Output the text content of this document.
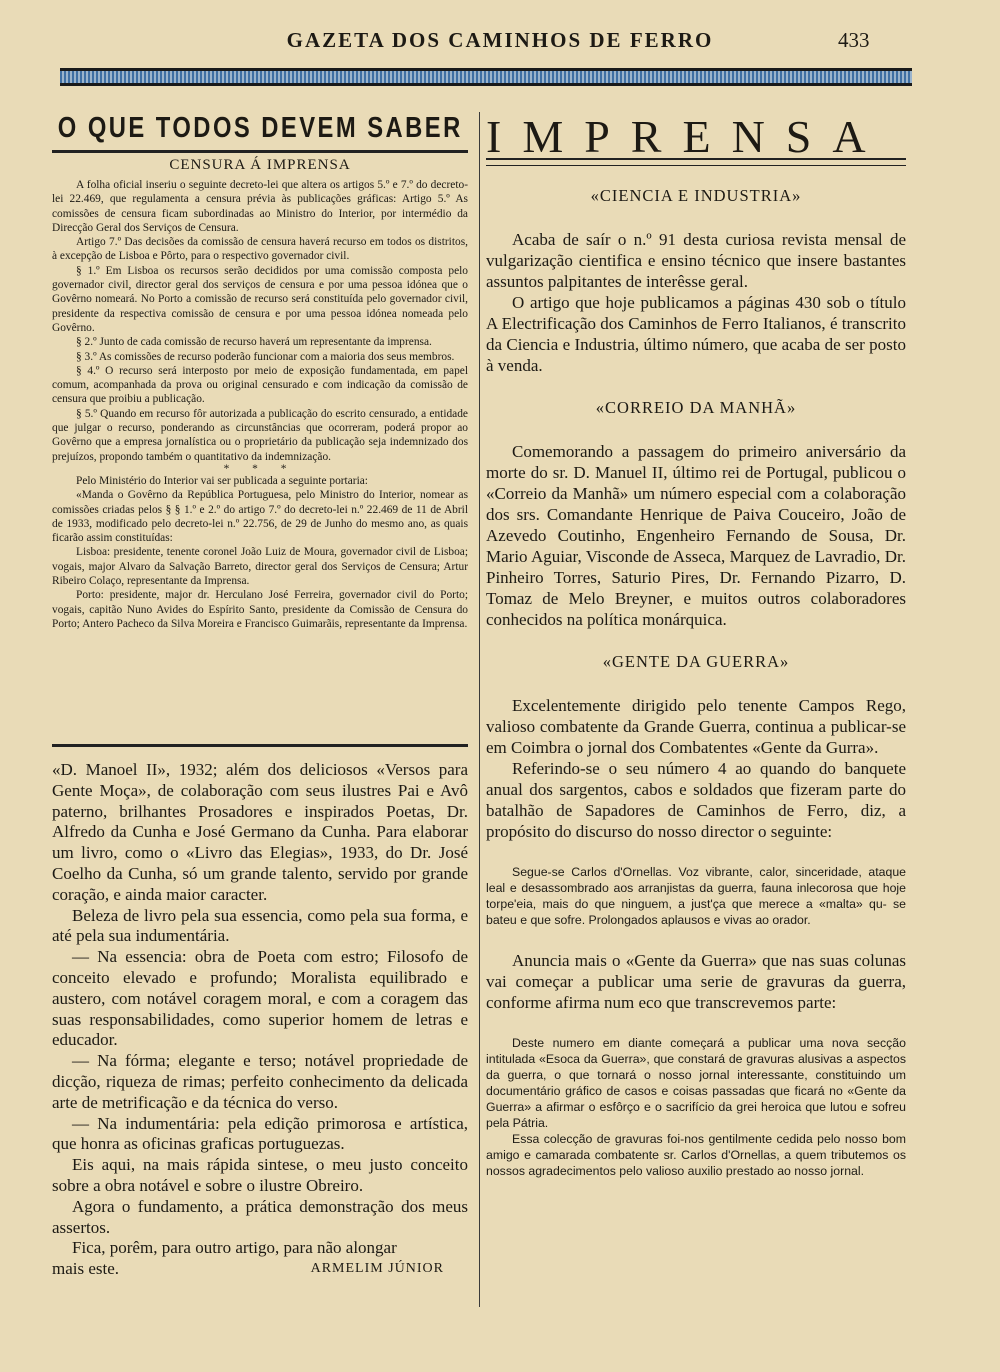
GAZETA DOS CAMINHOS DE FERRO	433
O QUE TODOS DEVEM SABER
CENSURA Á IMPRENSA

A folha oficial inseriu o seguinte decreto-lei que altera os artigos 5.º e 7.º do decreto-lei 22.469, que regulamenta a censura prévia às publicações gráficas: Artigo 5.º As comissões de censura ficam subordinadas ao Ministro do Interior, por intermédio da Direcção Geral dos Serviços de Censura.

Artigo 7.º Das decisões da comissão de censura haverá recurso em todos os distritos, à excepção de Lisboa e Pôrto, para o respectivo governador civil.

§ 1.º Em Lisboa os recursos serão decididos por uma comissão composta pelo governador civil, director geral dos serviços de censura e por uma pessoa idónea que o Govêrno nomeará. No Porto a comissão de recurso será constituída pelo governador civil, presidente da respectiva comissão de censura e por uma pessoa idónea nomeada pelo Govêrno.

§ 2.º Junto de cada comissão de recurso haverá um representante da imprensa.

§ 3.º As comissões de recurso poderão funcionar com a maioria dos seus membros.

§ 4.º O recurso será interposto por meio de exposição fundamentada, em papel comum, acompanhada da prova ou original censurado e com indicação da comissão de censura que proibiu a publicação.

§ 5.º Quando em recurso fôr autorizada a publicação do escrito censurado, a entidade que julgar o recurso, ponderando as circunstâncias que ocorreram, poderá propor ao Govêrno que a empresa jornalística ou o proprietário da publicação seja indemnizado dos prejuízos, propondo também o quantitativo da indemnização.

* * *

Pelo Ministério do Interior vai ser publicada a seguinte portaria:

«Manda o Govêrno da República Portuguesa, pelo Ministro do Interior, nomear as comissões criadas pelos § § 1.º e 2.º do artigo 7.º do decreto-lei n.º 22.469 de 11 de Abril de 1933, modificado pelo decreto-lei n.º 22.756, de 29 de Junho do mesmo ano, as quais ficarão assim constituídas:

Lisboa: presidente, tenente coronel João Luiz de Moura, governador civil de Lisboa; vogais, major Alvaro da Salvação Barreto, director geral dos Serviços de Censura; Artur Ribeiro Colaço, representante da Imprensa.

Porto: presidente, major dr. Herculano José Ferreira, governador civil do Porto; vogais, capitão Nuno Avides do Espírito Santo, presidente da Comissão de Censura do Porto; Antero Pacheco da Silva Moreira e Francisco Guimarãis, representante da Imprensa.

«D. Manoel II», 1932; além dos deliciosos «Versos para Gente Moça», de colaboração com seus ilustres Pai e Avô paterno, brilhantes Prosadores e inspirados Poetas, Dr. Alfredo da Cunha e José Germano da Cunha. Para elaborar um livro, como o «Livro das Elegias», 1933, do Dr. José Coelho da Cunha, só um grande talento, servido por grande coração, e ainda maior caracter.

Beleza de livro pela sua essencia, como pela sua forma, e até pela sua indumentária.

— Na essencia: obra de Poeta com estro; Filosofo de conceito elevado e profundo; Moralista equilibrado e austero, com notável coragem moral, e com a coragem das suas responsabilidades, como superior homem de letras e educador.

— Na fórma; elegante e terso; notável propriedade de dicção, riqueza de rimas; perfeito conhecimento da delicada arte de metrificação e da técnica do verso.

— Na indumentária: pela edição primorosa e artística, que honra as oficinas graficas portuguezas.

Eis aqui, na mais rápida sintese, o meu justo conceito sobre a obra notável e sobre o ilustre Obreiro.

Agora o fundamento, a prática demonstração dos meus assertos.

Fica, porêm, para outro artigo, para não alongar

mais este.	ARMELIM JÚNIOR

IMPRENSA
«CIENCIA E INDUSTRIA»

Acaba de saír o n.º 91 desta curiosa revista mensal de vulgarização cientifica e ensino técnico que insere bastantes assuntos palpitantes de interêsse geral.

O artigo que hoje publicamos a páginas 430 sob o título A Electrificação dos Caminhos de Ferro Italianos, é transcrito da Ciencia e Industria, último número, que acaba de ser posto à venda.

«CORREIO DA MANHÃ»

Comemorando a passagem do primeiro aniversário da morte do sr. D. Manuel II, último rei de Portugal, publicou o «Correio da Manhã» um número especial com a colaboração dos srs. Comandante Henrique de Paiva Couceiro, João de Azevedo Coutinho, Engenheiro Fernando de Sousa, Dr. Mario Aguiar, Visconde de Asseca, Marquez de Lavradio, Dr. Pinheiro Torres, Saturio Pires, Dr. Fernando Pizarro, D. Tomaz de Melo Breyner, e muitos outros colaboradores conhecidos na política monárquica.

«GENTE DA GUERRA»

Excelentemente dirigido pelo tenente Campos Rego, valioso combatente da Grande Guerra, continua a publicar-se em Coimbra o jornal dos Combatentes «Gente da Gurra».

Referindo-se o seu número 4 ao quando do banquete anual dos sargentos, cabos e soldados que fizeram parte do batalhão de Sapadores de Caminhos de Ferro, diz, a propósito do discurso do nosso director o seguinte:

Segue-se Carlos d'Ornellas. Voz vibrante, calor, sinceridade, ataque leal e desassombrado aos arranjistas da guerra, fauna inlecorosa que hoje torpe'eia, mais do que ninguem, a just'ça que merece a «malta» qu- se bateu e que sofre. Prolongados aplausos e vivas ao orador.

Anuncia mais o «Gente da Guerra» que nas suas colunas vai começar a publicar uma serie de gravuras da guerra, conforme afirma num eco que transcrevemos parte:

Deste numero em diante começará a publicar uma nova secção intitulada «Esoca da Guerra», que constará de gravuras alusivas a aspectos da guerra, o que tornará o nosso jornal interessante, constituindo um documentário gráfico de casos e coisas passadas que ficará no «Gente da Guerra» a afirmar o esfôrço e o sacrifício da grei heroica que lutou e sofreu pela Pátria.

Essa colecção de gravuras foi-nos gentilmente cedida pelo nosso bom amigo e camarada combatente sr. Carlos d'Ornellas, a quem tributemos os nossos agradecimentos pelo valioso auxilio prestado ao nosso jornal.
